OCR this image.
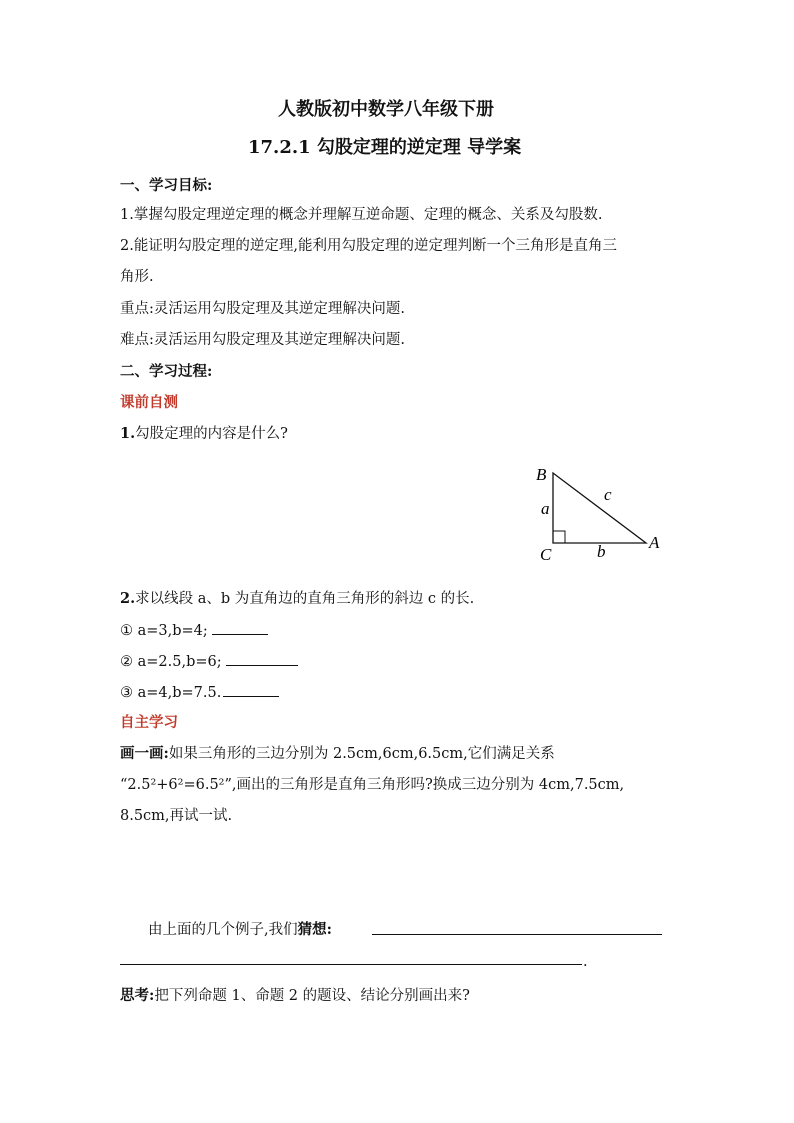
人教版初中数学八年级下册
17.2.1 勾股定理的逆定理 导学案
一、学习目标:
1.掌握勾股定理逆定理的概念并理解互逆命题、定理的概念、关系及勾股数.
2.能证明勾股定理的逆定理,能利用勾股定理的逆定理判断一个三角形是直角三
角形.
重点:灵活运用勾股定理及其逆定理解决问题.
难点:灵活运用勾股定理及其逆定理解决问题.
二、学习过程:
课前自测
1.勾股定理的内容是什么?
B
C
A
a
b
c
2.求以线段 a、b 为直角边的直角三角形的斜边 c 的长.
① a=3,b=4;
② a=2.5,b=6;
③ a=4,b=7.5.
自主学习
画一画:如果三角形的三边分别为 2.5cm,6cm,6.5cm,它们满足关系
“2.5²+6²=6.5²”,画出的三角形是直角三角形吗?换成三边分别为 4cm,7.5cm,
8.5cm,再试一试.
由上面的几个例子,我们猜想:
.
思考:把下列命题 1、命题 2 的题设、结论分别画出来?
